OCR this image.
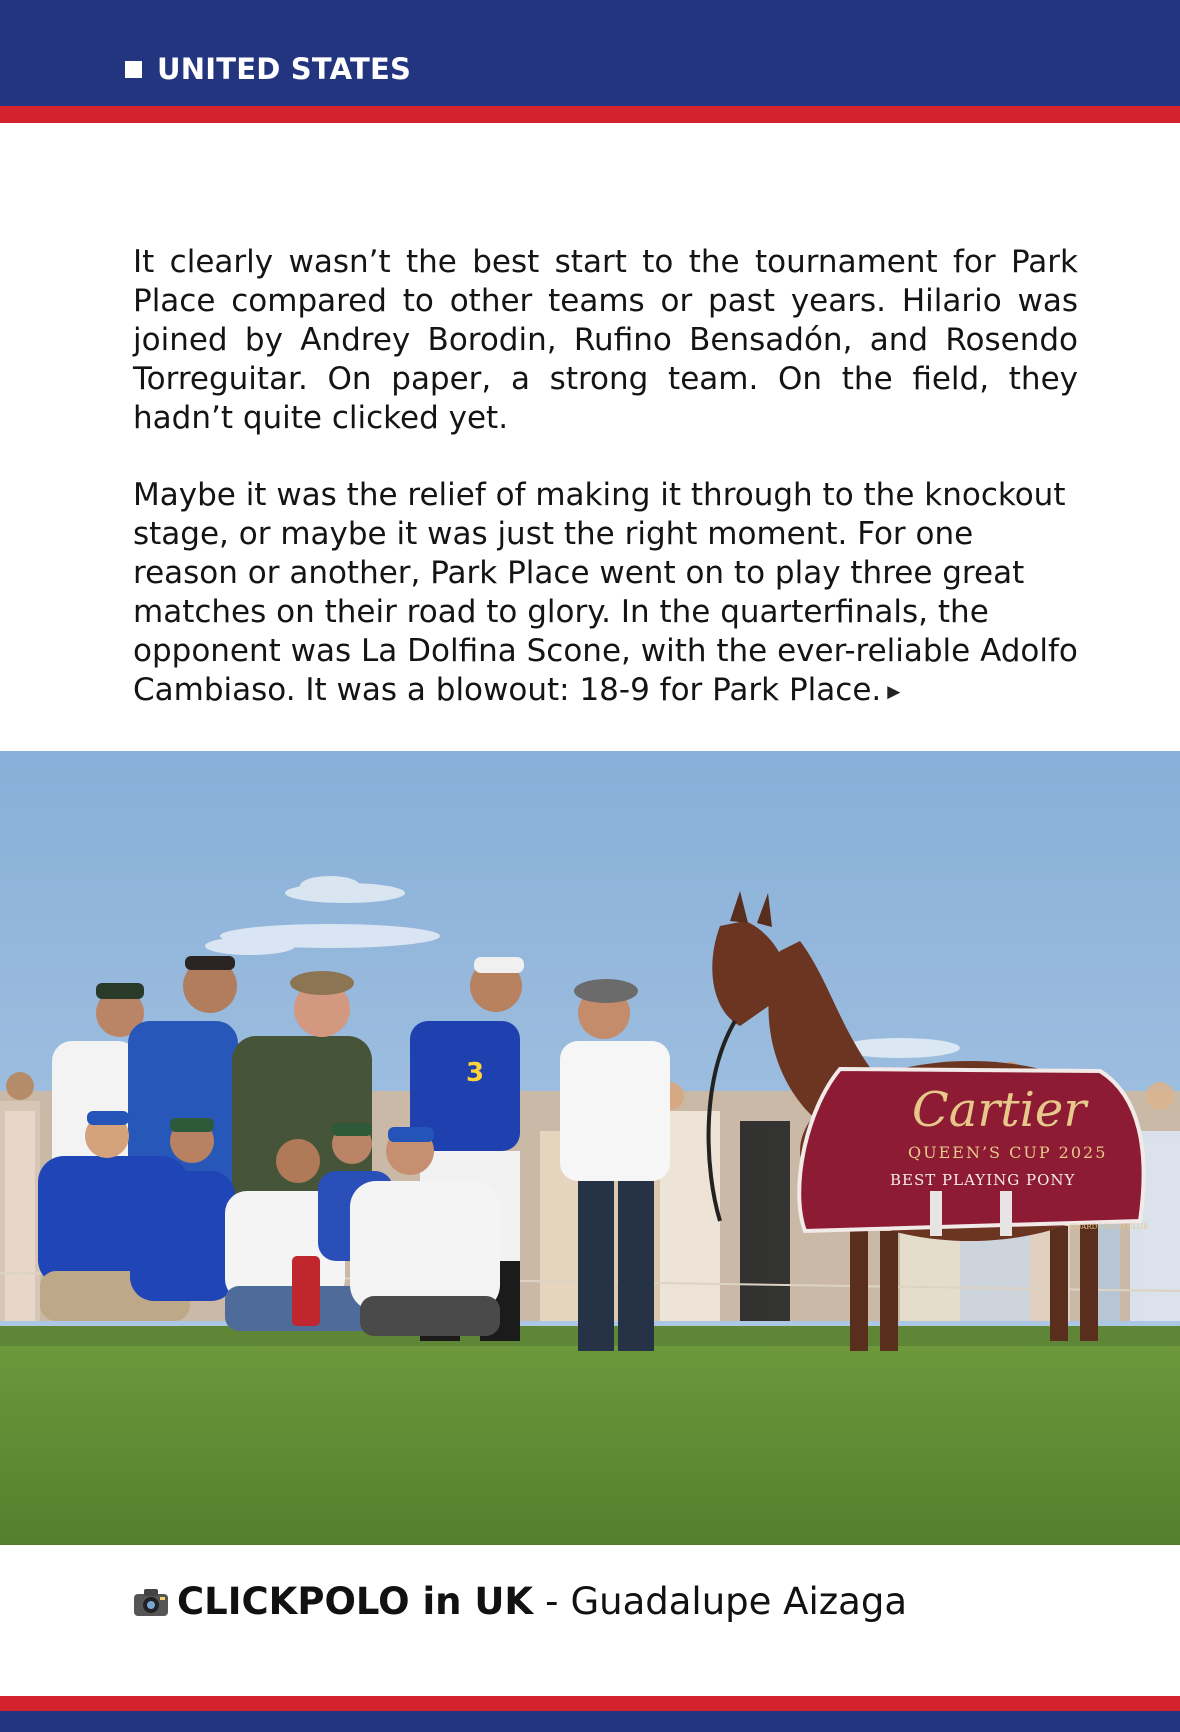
UNITED STATES

It clearly wasn’t the best start to the tournament for Park Place compared to other teams or past years. Hilario was joined by Andrey Borodin, Rufino Bensadón, and Rosendo Torreguitar. On paper, a strong team. On the field, they hadn’t quite clicked yet.

Maybe it was the relief of making it through to the knockout stage, or maybe it was just the right moment. For one reason or another, Park Place went on to play three great matches on their road to glory. In the quarterfinals, the opponent was La Dolfina Scone, with the ever-reliable Adolfo Cambiaso. It was a blowout: 18-9 for Park Place. ▶

3
Cartier
QUEEN’S CUP 2025
BEST PLAYING PONY
GUARDS POLO CLUB
CLICKPOLO in UK - Guadalupe Aizaga
